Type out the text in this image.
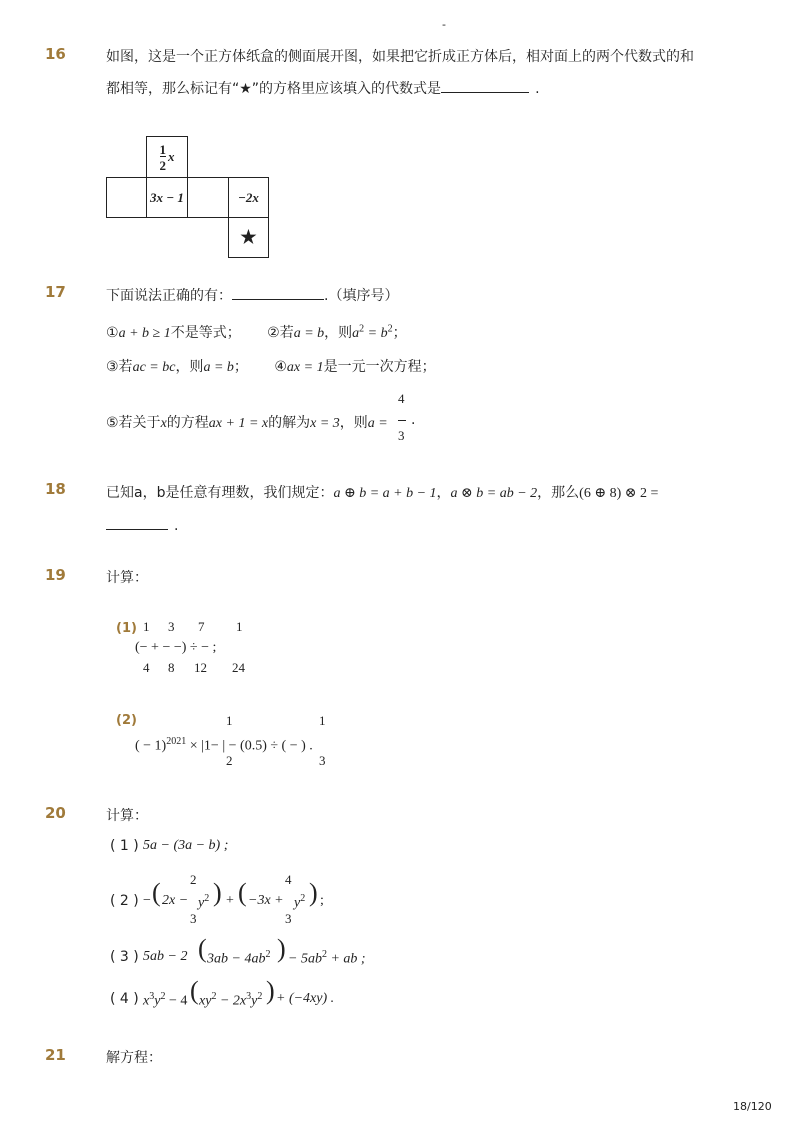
-
16	如图，这是一个正方体纸盒的侧面展开图，如果把它折成正方体后，相对面上的两个代数式的和
都相等，那么标记有“★”的方格里应该填入的代数式是	.
$\frac{1}{2}$ x
3x − 1	−2x
★
17	下面说法正确的有：	.（填序号）
①a + b ≥ 1不是等式； ②若a = b，则$a^2 = b^2$；
③若ac = bc，则a = b； ④ax = 1是一元一次方程；
4
3
⑤若关于x的方程ax + 1 = x的解为x = 3，则a = .
18	已知a，b是任意有理数，我们规定：a ⊕ b = a + b − 1，a ⊗ b = ab − 2，那么(6 ⊕ 8) ⊗ 2 =
.
19	计算：
(1) 1 3 7 1
(− + − −) ÷ − ;
4 8 12 24
(2)	1	1
( − 1)$^{2021}$ × |1− | − (0.5) ÷ ( − ) .
2	3
20	计算：
( 1 ) 5a − (3a − b) ;
( 2 )
2	4
− ( $2x - y^2$ ) + ( $-3x + y^2$ ) ;
3	3
( 3 ) 5ab − 2 ( $3ab - 4ab^2$ ) − $5ab^2$ + ab ;
( 4 ) $x^3y^2 - 4$ ( $xy^2 - 2x^3y^2$ ) + (−4xy) .
21	解方程：
18/120
